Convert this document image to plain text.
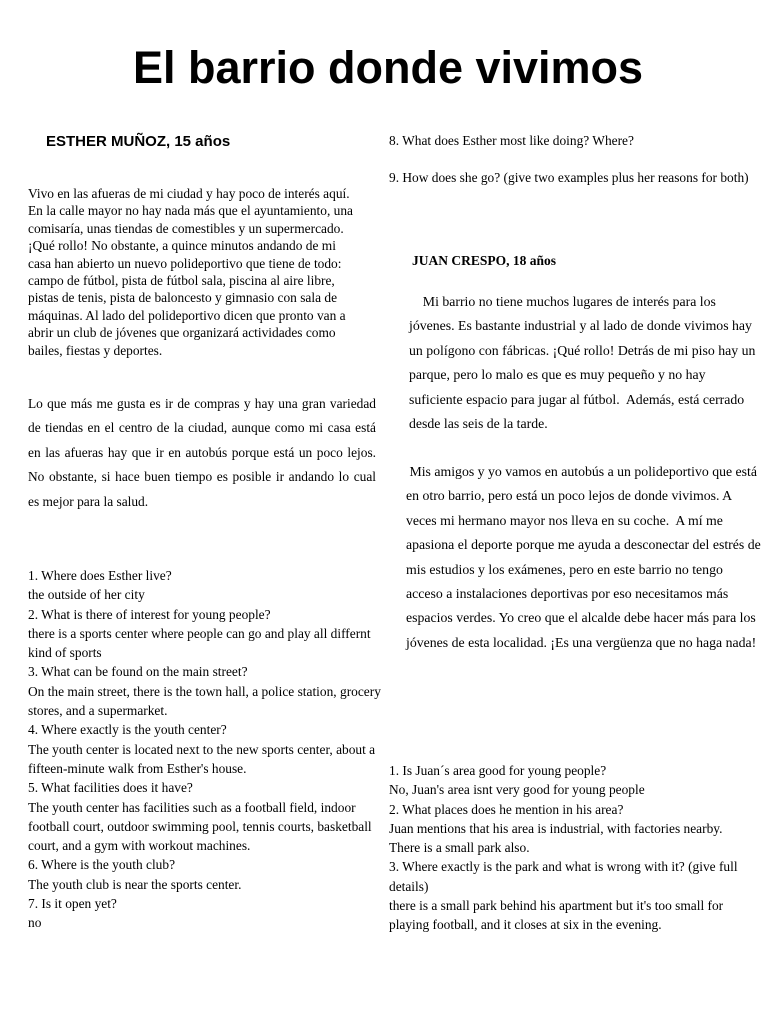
El barrio donde vivimos
ESTHER MUÑOZ, 15 años

Vivo en las afueras de mi ciudad y hay poco de interés aquí. En la calle mayor no hay nada más que el ayuntamiento, una comisaría, unas tiendas de comestibles y un supermercado. ¡Qué rollo! No obstante, a quince minutos andando de mi casa han abierto un nuevo polideportivo que tiene de todo: campo de fútbol, pista de fútbol sala, piscina al aire libre, pistas de tenis, pista de baloncesto y gimnasio con sala de máquinas. Al lado del polideportivo dicen que pronto van a abrir un club de jóvenes que organizará actividades como bailes, fiestas y deportes.

Lo que más me gusta es ir de compras y hay una gran variedad de tiendas en el centro de la ciudad, aunque como mi casa está en las afueras hay que ir en autobús porque está un poco lejos. No obstante, si hace buen tiempo es posible ir andando lo cual es mejor para la salud.

1. Where does Esther live?
the outside of her city
2. What is there of interest for young people?
there is a sports center where people can go and play all differnt kind of sports
3. What can be found on the main street?
On the main street, there is the town hall, a police station, grocery stores, and a supermarket.
4. Where exactly is the youth center?
The youth center is located next to the new sports center, about a fifteen-minute walk from Esther's house.
5. What facilities does it have?
The youth center has facilities such as a football field, indoor football court, outdoor swimming pool, tennis courts, basketball court, and a gym with workout machines.
6. Where is the youth club?
The youth club is near the sports center.
7. Is it open yet?
no
8. What does Esther most like doing? Where?
9. How does she go? (give two examples plus her reasons for both)
JUAN CRESPO, 18 años

Mi barrio no tiene muchos lugares de interés para los jóvenes. Es bastante industrial y al lado de donde vivimos hay un polígono con fábricas. ¡Qué rollo! Detrás de mi piso hay un parque, pero lo malo es que es muy pequeño y no hay suficiente espacio para jugar al fútbol.  Además, está cerrado desde las seis de la tarde.

Mis amigos y yo vamos en autobús a un polideportivo que está en otro barrio, pero está un poco lejos de donde vivimos. A veces mi hermano mayor nos lleva en su coche.  A mí me apasiona el deporte porque me ayuda a desconectar del estrés de mis estudios y los exámenes, pero en este barrio no tengo acceso a instalaciones deportivas por eso necesitamos más espacios verdes. Yo creo que el alcalde debe hacer más para los jóvenes de esta localidad. ¡Es una vergüenza que no haga nada!

1. Is Juan´s area good for young people?
No, Juan's area isnt very good for young people
2. What places does he mention in his area?
Juan mentions that his area is industrial, with factories nearby. There is a small park also.
3. Where exactly is the park and what is wrong with it? (give full details)
there is a small park behind his apartment but it's too small for playing football, and it closes at six in the evening.
